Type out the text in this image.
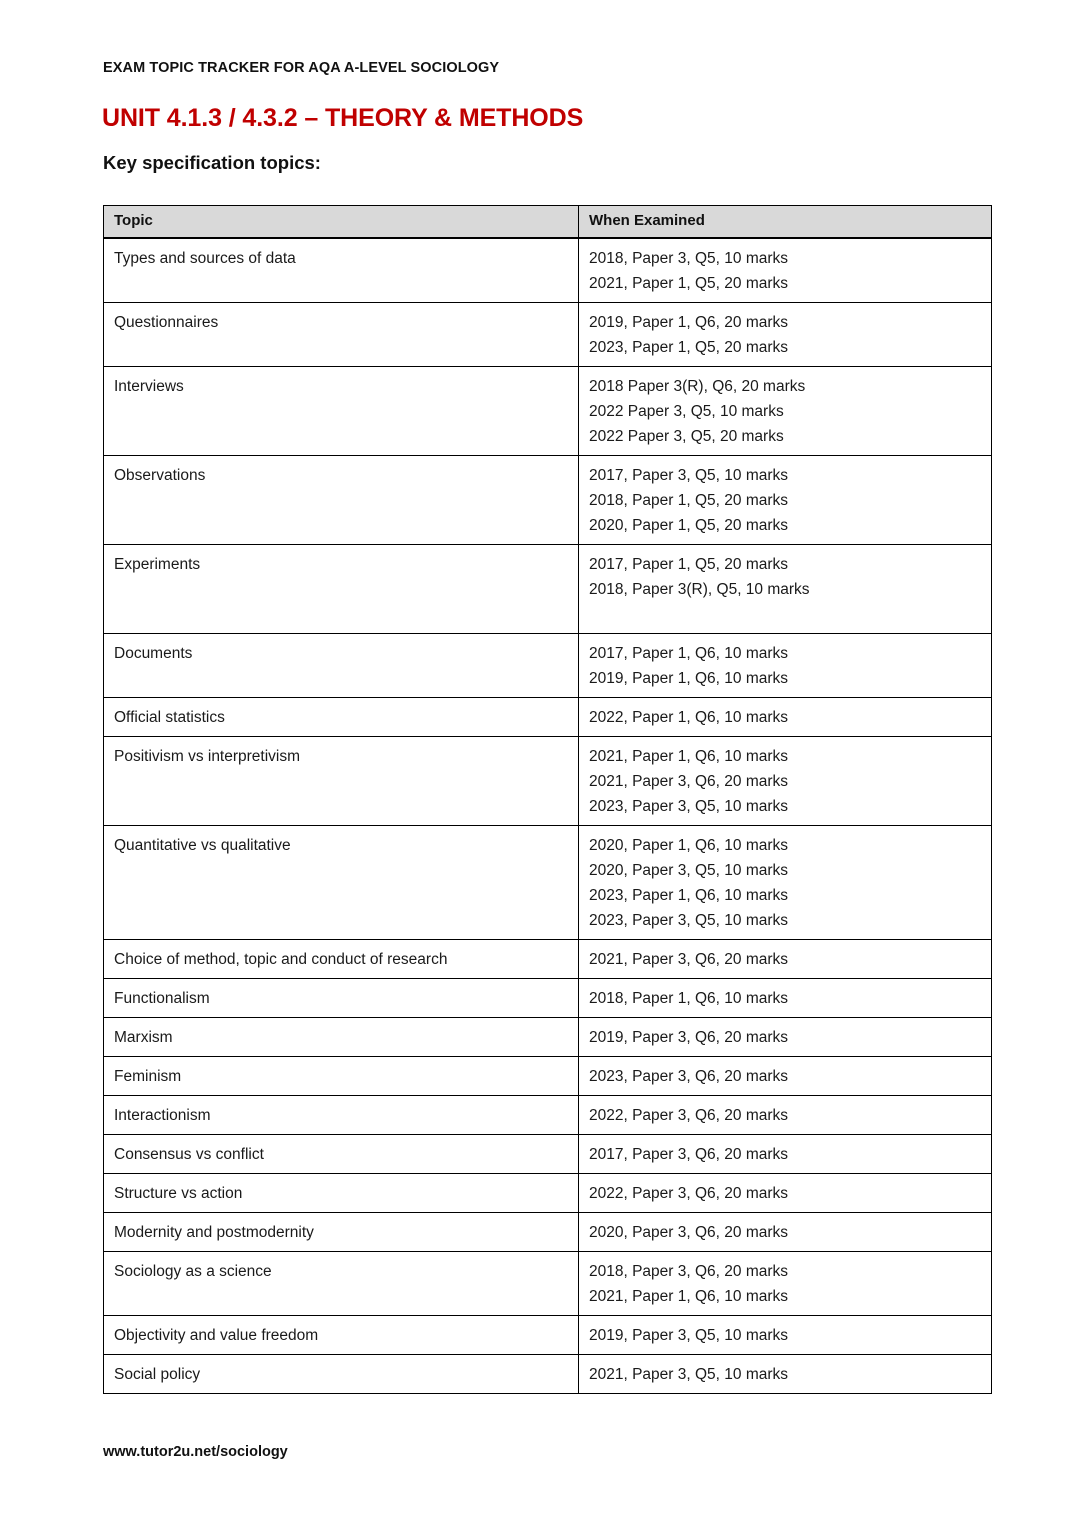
EXAM TOPIC TRACKER FOR AQA A-LEVEL SOCIOLOGY
UNIT 4.1.3 / 4.3.2 – THEORY & METHODS
Key specification topics:
Topic	When Examined

Types and sources of data	2018, Paper 3, Q5, 10 marks
2021, Paper 1, Q5, 20 marks

Questionnaires	2019, Paper 1, Q6, 20 marks
2023, Paper 1, Q5, 20 marks

Interviews	2018 Paper 3(R), Q6, 20 marks
2022 Paper 3, Q5, 10 marks
2022 Paper 3, Q5, 20 marks

Observations	2017, Paper 3, Q5, 10 marks
2018, Paper 1, Q5, 20 marks
2020, Paper 1, Q5, 20 marks

Experiments	2017, Paper 1, Q5, 20 marks
2018, Paper 3(R), Q5, 10 marks

Documents	2017, Paper 1, Q6, 10 marks
2019, Paper 1, Q6, 10 marks

Official statistics	2022, Paper 1, Q6, 10 marks

Positivism vs interpretivism	2021, Paper 1, Q6, 10 marks
2021, Paper 3, Q6, 20 marks
2023, Paper 3, Q5, 10 marks

Quantitative vs qualitative	2020, Paper 1, Q6, 10 marks
2020, Paper 3, Q5, 10 marks
2023, Paper 1, Q6, 10 marks
2023, Paper 3, Q5, 10 marks

Choice of method, topic and conduct of research	2021, Paper 3, Q6, 20 marks

Functionalism	2018, Paper 1, Q6, 10 marks

Marxism	2019, Paper 3, Q6, 20 marks

Feminism	2023, Paper 3, Q6, 20 marks

Interactionism	2022, Paper 3, Q6, 20 marks

Consensus vs conflict	2017, Paper 3, Q6, 20 marks

Structure vs action	2022, Paper 3, Q6, 20 marks

Modernity and postmodernity	2020, Paper 3, Q6, 20 marks

Sociology as a science	2018, Paper 3, Q6, 20 marks
2021, Paper 1, Q6, 10 marks

Objectivity and value freedom	2019, Paper 3, Q5, 10 marks

Social policy	2021, Paper 3, Q5, 10 marks
www.tutor2u.net/sociology
